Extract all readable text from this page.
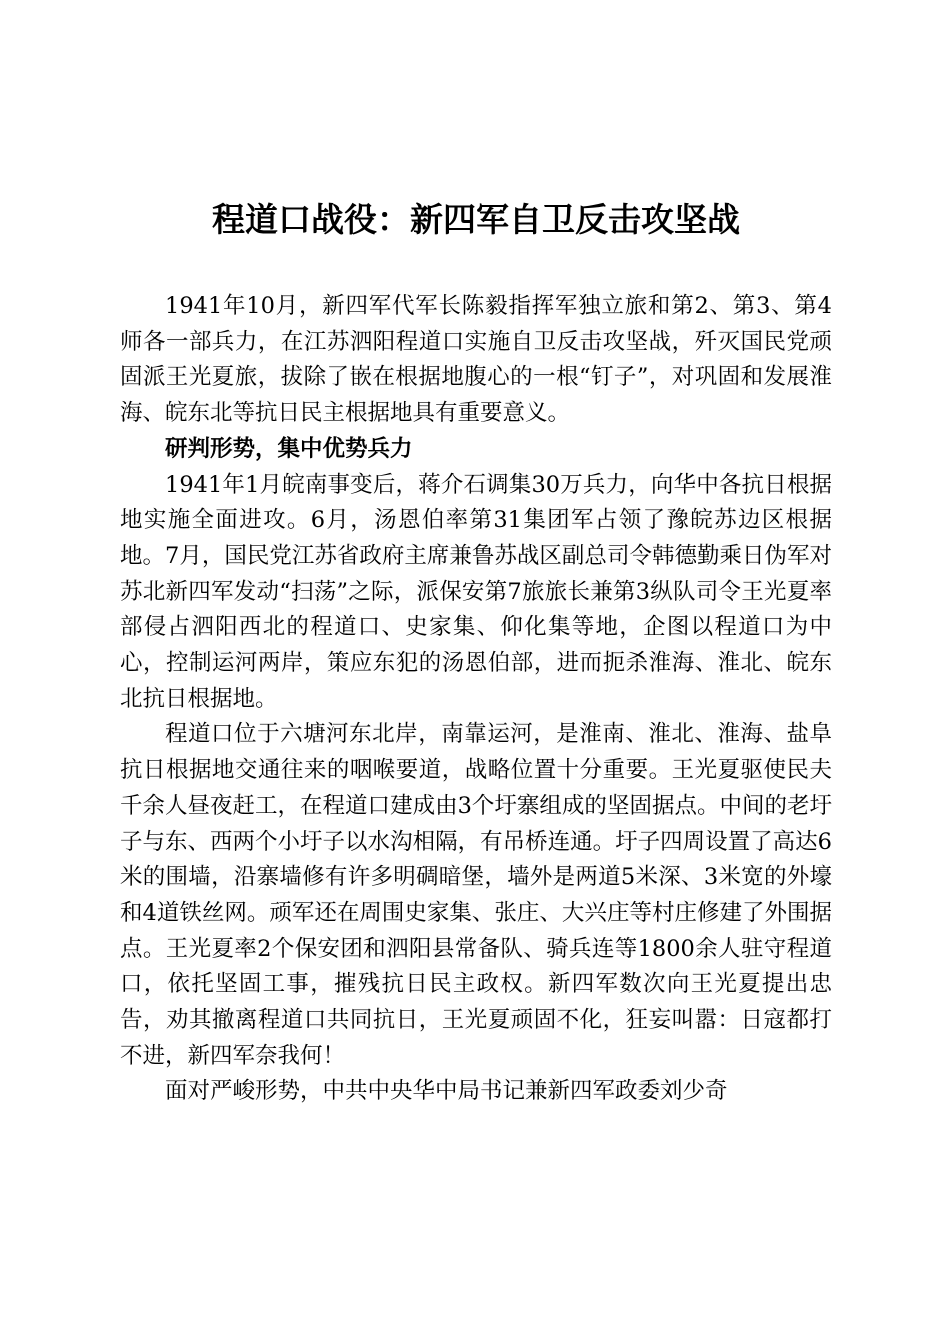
程道口战役：新四军自卫反击攻坚战

1941年10月，新四军代军长陈毅指挥军独立旅和第2、第3、第4师各一部兵力，在江苏泗阳程道口实施自卫反击攻坚战，歼灭国民党顽固派王光夏旅，拔除了嵌在根据地腹心的一根“钉子”，对巩固和发展淮海、皖东北等抗日民主根据地具有重要意义。

研判形势，集中优势兵力

1941年1月皖南事变后，蒋介石调集30万兵力，向华中各抗日根据地实施全面进攻。6月，汤恩伯率第31集团军占领了豫皖苏边区根据地。7月，国民党江苏省政府主席兼鲁苏战区副总司令韩德勤乘日伪军对苏北新四军发动“扫荡”之际，派保安第7旅旅长兼第3纵队司令王光夏率部侵占泗阳西北的程道口、史家集、仰化集等地，企图以程道口为中心，控制运河两岸，策应东犯的汤恩伯部，进而扼杀淮海、淮北、皖东北抗日根据地。

程道口位于六塘河东北岸，南靠运河，是淮南、淮北、淮海、盐阜抗日根据地交通往来的咽喉要道，战略位置十分重要。王光夏驱使民夫千余人昼夜赶工，在程道口建成由3个圩寨组成的坚固据点。中间的老圩子与东、西两个小圩子以水沟相隔，有吊桥连通。圩子四周设置了高达6米的围墙，沿寨墙修有许多明碉暗堡，墙外是两道5米深、3米宽的外壕和4道铁丝网。顽军还在周围史家集、张庄、大兴庄等村庄修建了外围据点。王光夏率2个保安团和泗阳县常备队、骑兵连等1800余人驻守程道口，依托坚固工事，摧残抗日民主政权。新四军数次向王光夏提出忠告，劝其撤离程道口共同抗日，王光夏顽固不化，狂妄叫嚣：日寇都打不进，新四军奈我何！

面对严峻形势，中共中央华中局书记兼新四军政委刘少奇
